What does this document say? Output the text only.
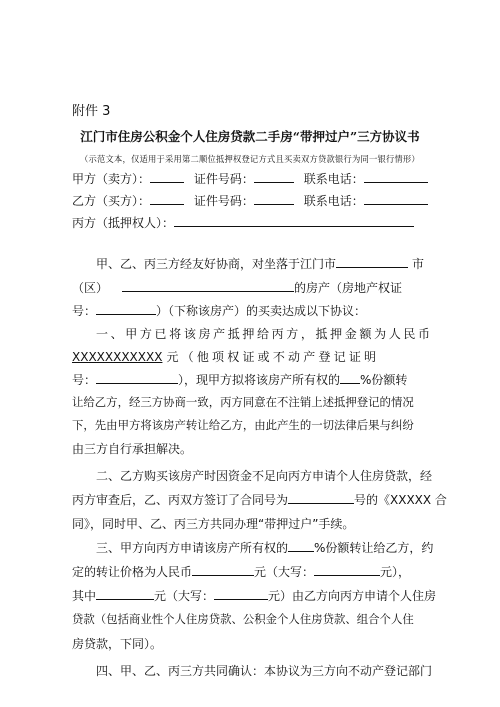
附件 3
江门市住房公积金个人住房贷款二手房“带押过户”三方协议书
（示范文本，仅适用于采用第二顺位抵押权登记方式且买卖双方贷款银行为同一银行情形）
甲方（卖方）：	证件号码：	联系电话：
乙方（买方）：	证件号码：	联系电话：
丙方（抵押权人）：
甲、乙、丙三方经友好协商，对坐落于江门市	市
（区）	的房产（房地产权证
号：	）（下称该房产）的买卖达成以下协议：
一、甲方已将该房产抵押给丙方，抵押金额为人民币
XXXXXXXXXXX 元（他项权证或不动产登记证明
号：	），现甲方拟将该房产所有权的 %份额转
让给乙方，经三方协商一致，丙方同意在不注销上述抵押登记的情况
下，先由甲方将该房产转让给乙方，由此产生的一切法律后果与纠纷
由三方自行承担解决。
二、乙方购买该房产时因资金不足向丙方申请个人住房贷款，经
丙方审查后，乙、丙双方签订了合同号为	号的《XXXXX 合
同》，同时甲、乙、丙三方共同办理“带押过户”手续。
三、甲方向丙方申请该房产所有权的 %份额转让给乙方，约
定的转让价格为人民币	元（大写：	元），
其中	元（大写：	元）由乙方向丙方申请个人住房
贷款（包括商业性个人住房贷款、公积金个人住房贷款、组合个人住
房贷款，下同）。
四、甲、乙、丙三方共同确认：本协议为三方向不动产登记部门
